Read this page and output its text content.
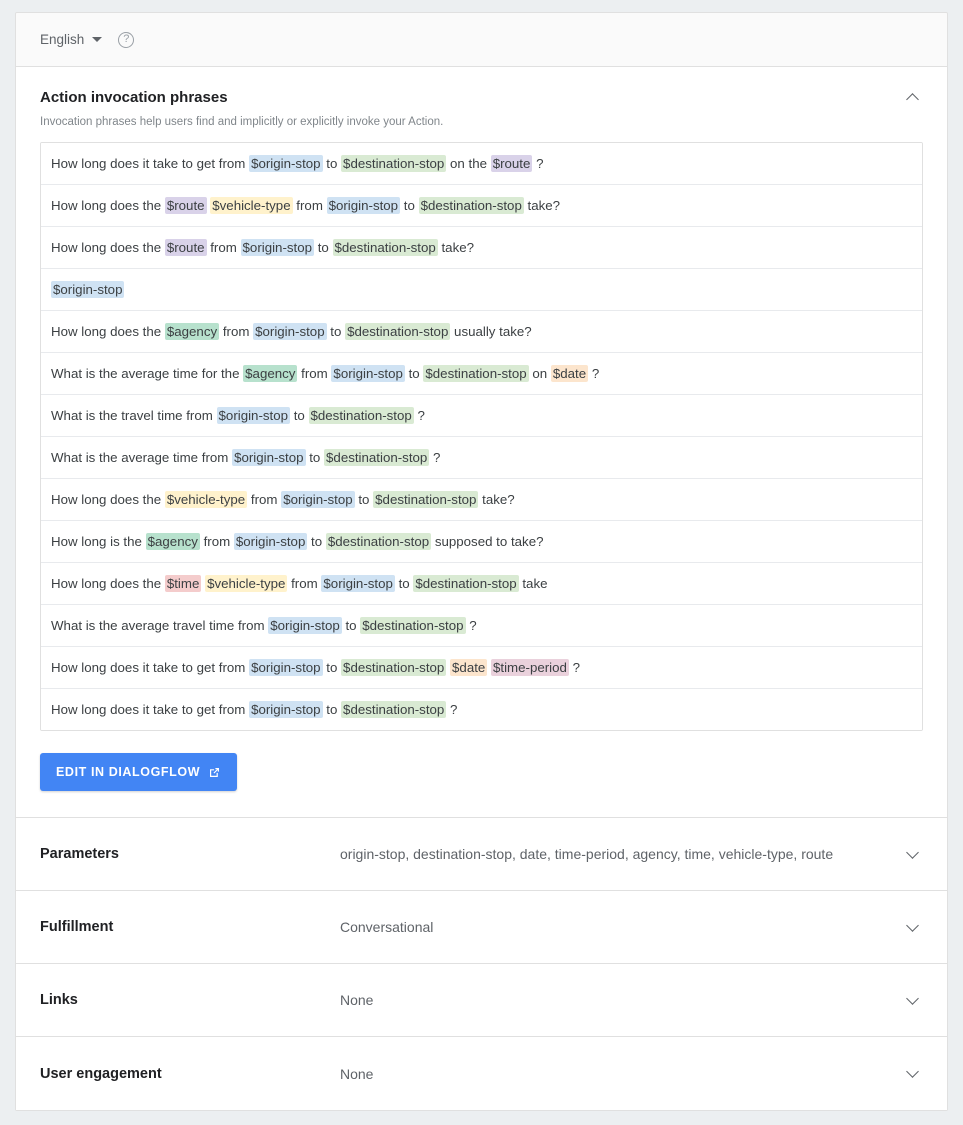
English	?
Action invocation phrases

Invocation phrases help users find and implicitly or explicitly invoke your Action.

How long does it take to get from $origin-stop to $destination-stop on the $route ?
How long does the $route $vehicle-type from $origin-stop to $destination-stop take?
How long does the $route from $origin-stop to $destination-stop take?
$origin-stop
How long does the $agency from $origin-stop to $destination-stop usually take?
What is the average time for the $agency from $origin-stop to $destination-stop on $date ?
What is the travel time from $origin-stop to $destination-stop ?
What is the average time from $origin-stop to $destination-stop ?
How long does the $vehicle-type from $origin-stop to $destination-stop take?
How long is the $agency from $origin-stop to $destination-stop supposed to take?
How long does the $time $vehicle-type from $origin-stop to $destination-stop take
What is the average travel time from $origin-stop to $destination-stop ?
How long does it take to get from $origin-stop to $destination-stop $date $time-period ?
How long does it take to get from $origin-stop to $destination-stop ?
EDIT IN DIALOGFLOW
Parameters	origin-stop, destination-stop, date, time-period, agency, time, vehicle-type, route
Fulfillment	Conversational
Links	None
User engagement	None
